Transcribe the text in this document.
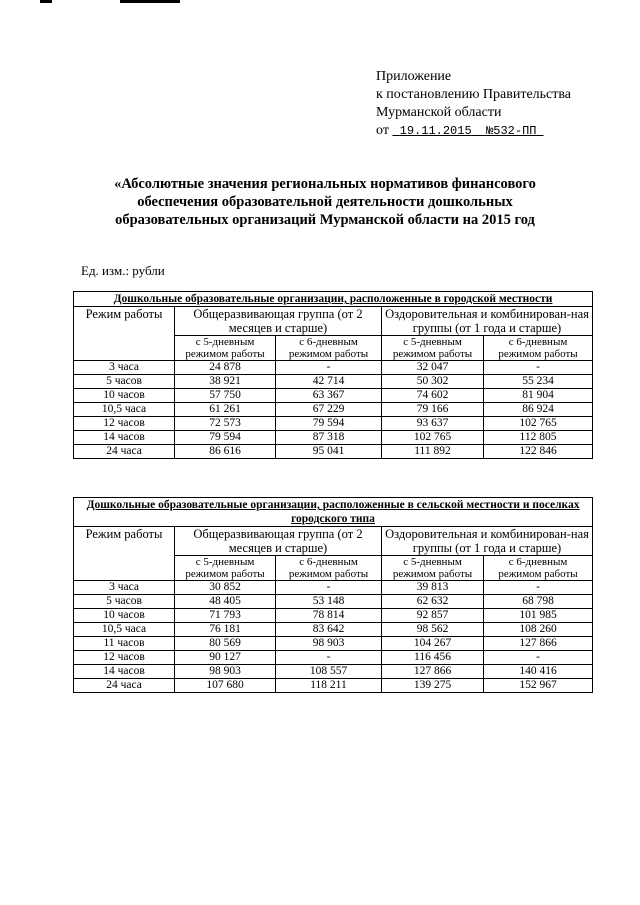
Приложение
к постановлению Правительства
Мурманской области
от 19.11.2015 №532-ПП
«Абсолютные значения региональных нормативов финансового обеспечения образовательной деятельности дошкольных образовательных организаций Мурманской области на 2015 год
Ед. изм.: рубли
Дошкольные образовательные организации, расположенные в городской местности				
Режим работы	Общеразвивающая группа (от 2 месяцев и старше)		Оздоровительная и комбинирован-ная группы (от 1 года и старше)	
	с 5-дневным режимом работы	с 6-дневным режимом работы	с 5-дневным режимом работы	с 6-дневным режимом работы
3 часа	24 878	-	32 047	-
5 часов	38 921	42 714	50 302	55 234
10 часов	57 750	63 367	74 602	81 904
10,5 часа	61 261	67 229	79 166	86 924
12 часов	72 573	79 594	93 637	102 765
14 часов	79 594	87 318	102 765	112 805
24 часа	86 616	95 041	111 892	122 846
Дошкольные образовательные организации, расположенные в сельской местности и поселках городского типа				
Режим работы	Общеразвивающая группа (от 2 месяцев и старше)		Оздоровительная и комбинирован-ная группы (от 1 года и старше)	
	с 5-дневным режимом работы	с 6-дневным режимом работы	с 5-дневным режимом работы	с 6-дневным режимом работы
3 часа	30 852	-	39 813	-
5 часов	48 405	53 148	62 632	68 798
10 часов	71 793	78 814	92 857	101 985
10,5 часа	76 181	83 642	98 562	108 260
11 часов	80 569	98 903	104 267	127 866
12 часов	90 127	-	116 456	-
14 часов	98 903	108 557	127 866	140 416
24 часа	107 680	118 211	139 275	152 967
